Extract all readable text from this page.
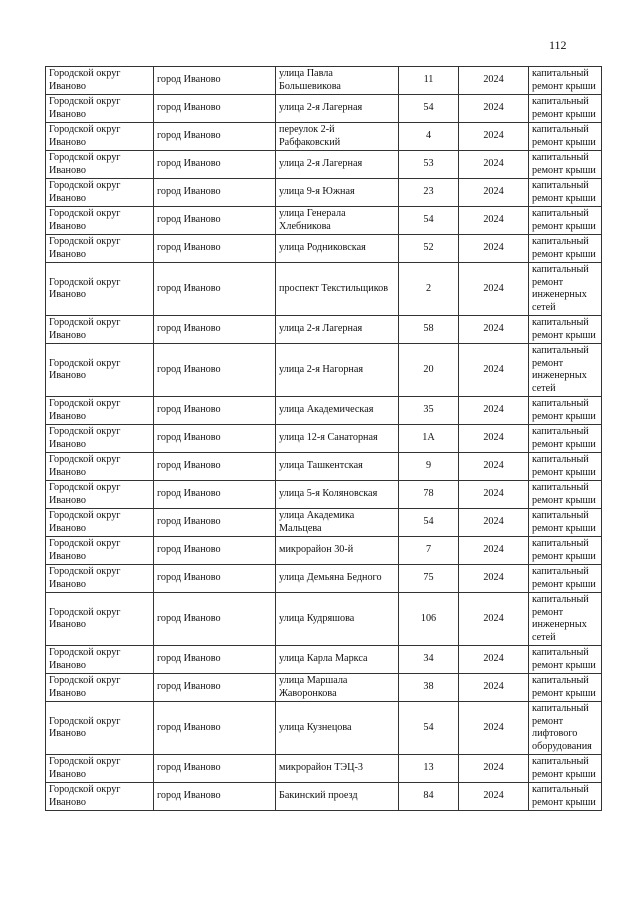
112
Городской округ Иваново	город Иваново	улица Павла Большевикова	11	2024	капитальный ремонт крыши
Городской округ Иваново	город Иваново	улица 2-я Лагерная	54	2024	капитальный ремонт крыши
Городской округ Иваново	город Иваново	переулок 2-й Рабфаковский	4	2024	капитальный ремонт крыши
Городской округ Иваново	город Иваново	улица 2-я Лагерная	53	2024	капитальный ремонт крыши
Городской округ Иваново	город Иваново	улица 9-я Южная	23	2024	капитальный ремонт крыши
Городской округ Иваново	город Иваново	улица Генерала Хлебникова	54	2024	капитальный ремонт крыши
Городской округ Иваново	город Иваново	улица Родниковская	52	2024	капитальный ремонт крыши
Городской округ Иваново	город Иваново	проспект Текстильщиков	2	2024	капитальный ремонт инженерных сетей
Городской округ Иваново	город Иваново	улица 2-я Лагерная	58	2024	капитальный ремонт крыши
Городской округ Иваново	город Иваново	улица 2-я Нагорная	20	2024	капитальный ремонт инженерных сетей
Городской округ Иваново	город Иваново	улица Академическая	35	2024	капитальный ремонт крыши
Городской округ Иваново	город Иваново	улица 12-я Санаторная	1А	2024	капитальный ремонт крыши
Городской округ Иваново	город Иваново	улица Ташкентская	9	2024	капитальный ремонт крыши
Городской округ Иваново	город Иваново	улица 5-я Коляновская	78	2024	капитальный ремонт крыши
Городской округ Иваново	город Иваново	улица Академика Мальцева	54	2024	капитальный ремонт крыши
Городской округ Иваново	город Иваново	микрорайон 30-й	7	2024	капитальный ремонт крыши
Городской округ Иваново	город Иваново	улица Демьяна Бедного	75	2024	капитальный ремонт крыши
Городской округ Иваново	город Иваново	улица Кудряшова	106	2024	капитальный ремонт инженерных сетей
Городской округ Иваново	город Иваново	улица Карла Маркса	34	2024	капитальный ремонт крыши
Городской округ Иваново	город Иваново	улица Маршала Жаворонкова	38	2024	капитальный ремонт крыши
Городской округ Иваново	город Иваново	улица Кузнецова	54	2024	капитальный ремонт лифтового оборудования
Городской округ Иваново	город Иваново	микрорайон ТЭЦ-3	13	2024	капитальный ремонт крыши
Городской округ Иваново	город Иваново	Бакинский проезд	84	2024	капитальный ремонт крыши
